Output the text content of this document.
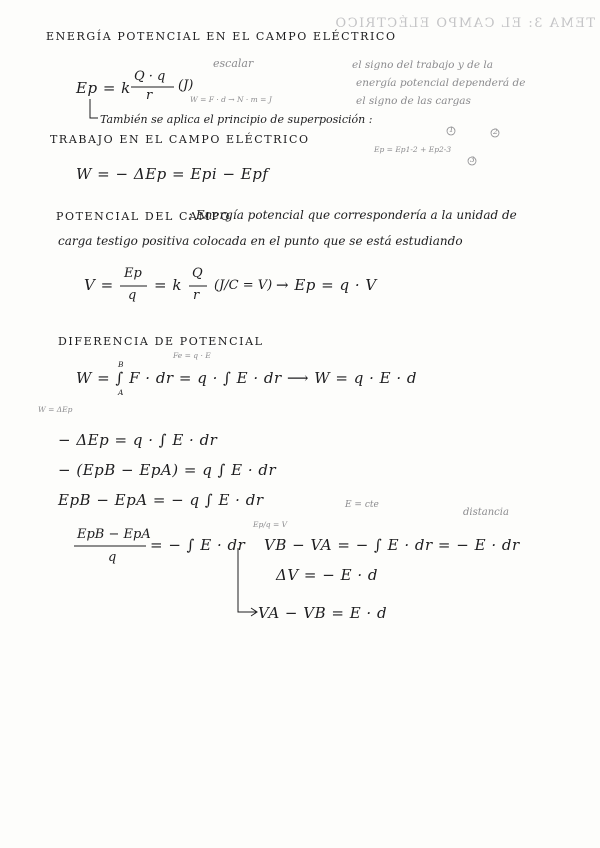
TEMA 3: EL CAMPO ELÉCTRICO
ENERGÍA POTENCIAL EN EL CAMPO ELÉCTRICO
Ep = k
Q · q
r
(J)
escalar
W = F · d → N · m = J
También se aplica el principio de superposición :
Ep = Ep1-2 + Ep2-3
1	2
3
el signo del trabajo y de la
energía potencial dependerá de
el signo de las cargas
TRABAJO EN EL CAMPO ELÉCTRICO
W = − ΔEp = Epi − Epf
POTENCIAL DEL CAMPO
: Energía potencial que correspondería a la unidad de
carga testigo positiva colocada en el punto que se está estudiando
V =
Ep
q
= k
Q
r
(J/C = V) → Ep = q · V
DIFERENCIA DE POTENCIAL
Fe = q · E
B
A
W = ∫ F · dr = q · ∫ E · dr ⟶ W = q · E · d
W = ΔEp
− ΔEp = q · ∫ E · dr
− (EpB − EpA) = q ∫ E · dr
EpB − EpA = − q ∫ E · dr
EpB − EpA
q
= − ∫ E · dr
Ep/q = V
E = cte
distancia
VB − VA = − ∫ E · dr = − E · dr
ΔV = − E · d
VA − VB = E · d
